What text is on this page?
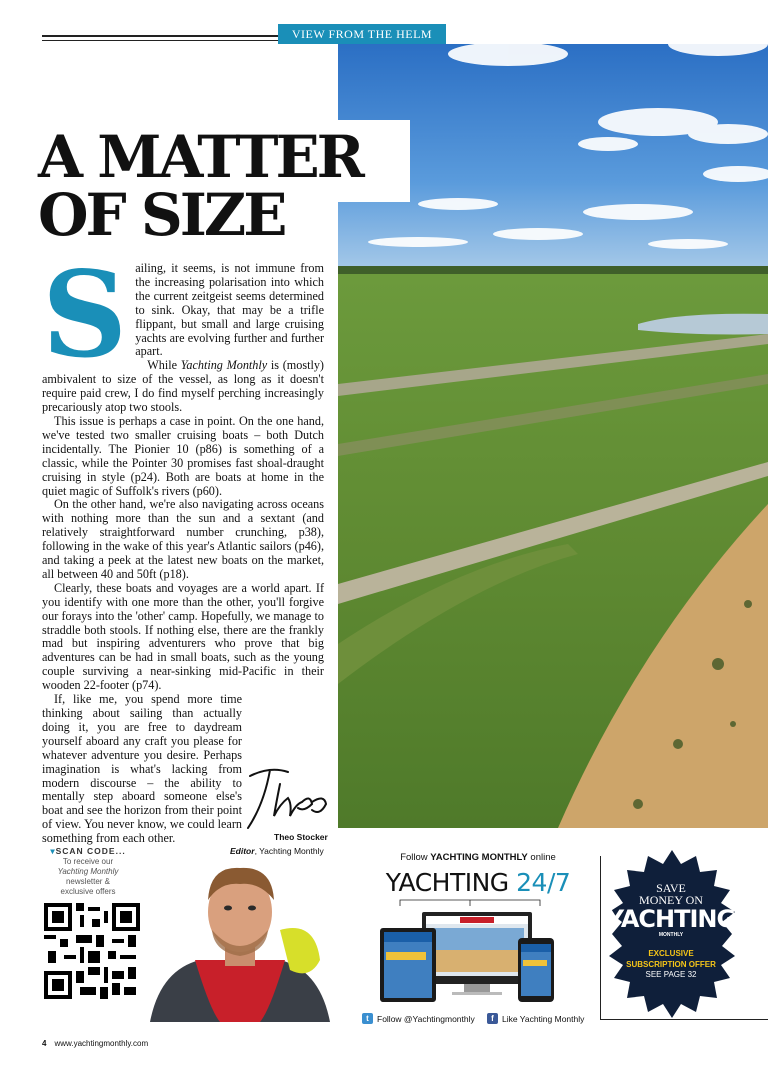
VIEW FROM THE HELM
A MATTER
OF SIZE
S ailing, it seems, is not immune from the increasing polarisation into which the current zeitgeist seems determined to sink. Okay, that may be a trifle flippant, but small and large cruising yachts are evolving further and further apart.

While Yachting Monthly is (mostly) ambivalent to size of the vessel, as long as it doesn't require paid crew, I do find myself perching increasingly precariously atop two stools.

This issue is perhaps a case in point. On the one hand, we've tested two smaller cruising boats – both Dutch incidentally. The Pionier 10 (p86) is something of a classic, while the Pointer 30 promises fast shoal-draught cruising in style (p24). Both are boats at home in the quiet magic of Suffolk's rivers (p60).

On the other hand, we're also navigating across oceans with nothing more than the sun and a sextant (and relatively straightforward number crunching, p38), following in the wake of this year's Atlantic sailors (p46), and taking a peek at the latest new boats on the market, all between 40 and 50ft (p18).

Clearly, these boats and voyages are a world apart. If you identify with one more than the other, you'll forgive our forays into the 'other' camp. Hopefully, we manage to straddle both stools. If nothing else, there are the frankly mad but inspiring adventurers who prove that big adventures can be had in small boats, such as the young couple surviving a near-sinking mid-Pacific in their wooden 22-footer (p74).

If, like me, you spend more time thinking about sailing than actually doing it, you are free to daydream yourself aboard any craft you please for whatever adventure you desire. Perhaps imagination is what's lacking from modern discourse – the ability to mentally step aboard someone else's boat and see the horizon from their point of view. You never know, we could learn something from each other.	Theo Stocker
Editor, Yachting Monthly
▾SCAN CODE...
To receive our
Yachting Monthly
newsletter &
exclusive offers
Follow YACHTING MONTHLY online
YACHTING 24/7
t Follow @Yachtingmonthly	f Like Yachting Monthly
SAVE
MONEY ON
YACHTING
MONTHLY
EXCLUSIVE
SUBSCRIPTION OFFER
SEE PAGE 32
4 www.yachtingmonthly.com
